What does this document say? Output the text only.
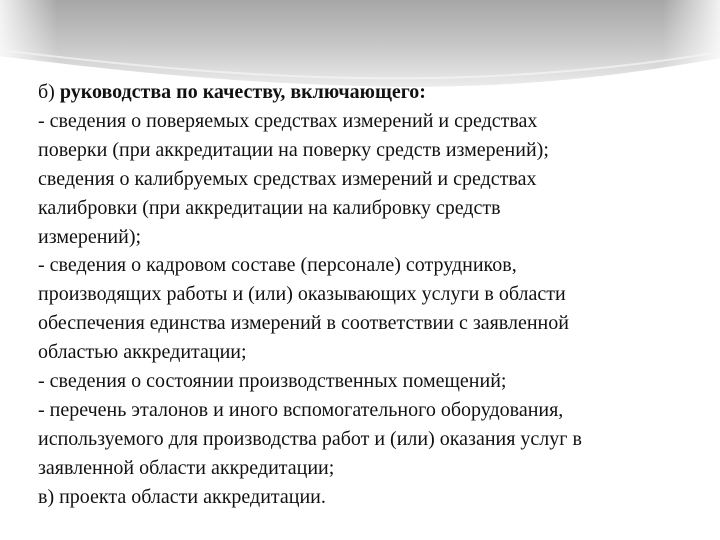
б) руководства по качеству, включающего:
- сведения о поверяемых средствах измерений и средствах
поверки (при аккредитации на поверку средств измерений);
сведения о калибруемых средствах измерений и средствах
калибровки (при аккредитации на калибровку средств
измерений);
- сведения о кадровом составе (персонале) сотрудников,
производящих работы и (или) оказывающих услуги в области
обеспечения единства измерений в соответствии с заявленной
областью аккредитации;
- сведения о состоянии производственных помещений;
- перечень эталонов и иного вспомогательного оборудования,
используемого для производства работ и (или) оказания услуг в
заявленной области аккредитации;
в) проекта области аккредитации.
